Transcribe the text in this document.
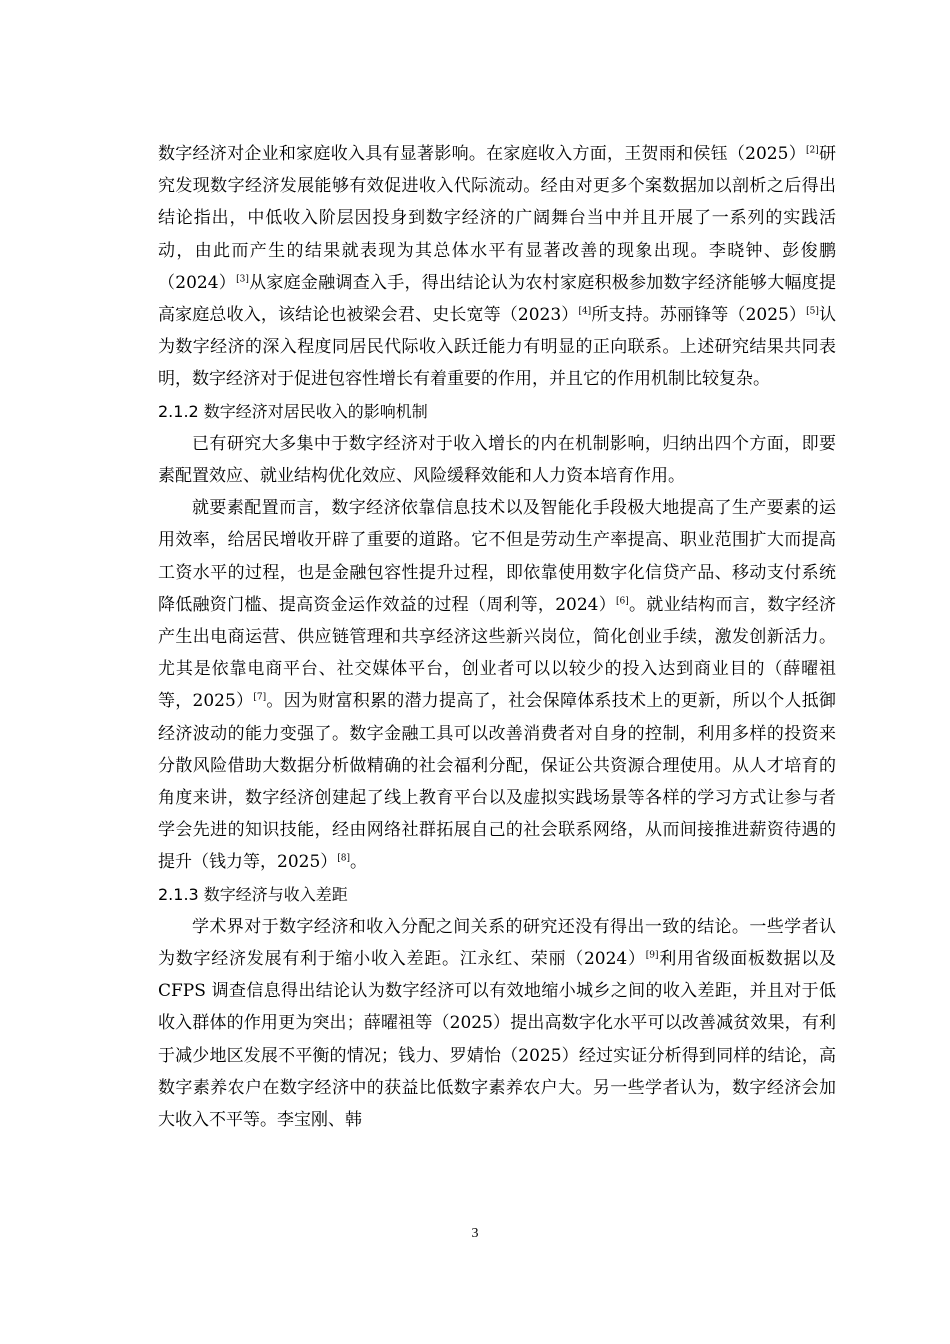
数字经济对企业和家庭收入具有显著影响。在家庭收入方面，王贺雨和侯钰（2025）[2]研究发现数字经济发展能够有效促进收入代际流动。经由对更多个案数据加以剖析之后得出结论指出，中低收入阶层因投身到数字经济的广阔舞台当中并且开展了一系列的实践活动，由此而产生的结果就表现为其总体水平有显著改善的现象出现。李晓钟、彭俊鹏（2024）[3]从家庭金融调查入手，得出结论认为农村家庭积极参加数字经济能够大幅度提高家庭总收入，该结论也被梁会君、史长宽等（2023）[4]所支持。苏丽锋等（2025）[5]认为数字经济的深入程度同居民代际收入跃迁能力有明显的正向联系。上述研究结果共同表明，数字经济对于促进包容性增长有着重要的作用，并且它的作用机制比较复杂。

2.1.2 数字经济对居民收入的影响机制

已有研究大多集中于数字经济对于收入增长的内在机制影响，归纳出四个方面，即要素配置效应、就业结构优化效应、风险缓释效能和人力资本培育作用。

就要素配置而言，数字经济依靠信息技术以及智能化手段极大地提高了生产要素的运用效率，给居民增收开辟了重要的道路。它不但是劳动生产率提高、职业范围扩大而提高工资水平的过程，也是金融包容性提升过程，即依靠使用数字化信贷产品、移动支付系统降低融资门槛、提高资金运作效益的过程（周利等，2024）[6]。就业结构而言，数字经济产生出电商运营、供应链管理和共享经济这些新兴岗位，简化创业手续，激发创新活力。尤其是依靠电商平台、社交媒体平台，创业者可以以较少的投入达到商业目的（薛曜祖等，2025）[7]。因为财富积累的潜力提高了，社会保障体系技术上的更新，所以个人抵御经济波动的能力变强了。数字金融工具可以改善消费者对自身的控制，利用多样的投资来分散风险借助大数据分析做精确的社会福利分配，保证公共资源合理使用。从人才培育的角度来讲，数字经济创建起了线上教育平台以及虚拟实践场景等各样的学习方式让参与者学会先进的知识技能，经由网络社群拓展自己的社会联系网络，从而间接推进薪资待遇的提升（钱力等，2025）[8]。

2.1.3 数字经济与收入差距

学术界对于数字经济和收入分配之间关系的研究还没有得出一致的结论。一些学者认为数字经济发展有利于缩小收入差距。江永红、荣丽（2024）[9]利用省级面板数据以及 CFPS 调查信息得出结论认为数字经济可以有效地缩小城乡之间的收入差距，并且对于低收入群体的作用更为突出；薛曜祖等（2025）提出高数字化水平可以改善减贫效果，有利于减少地区发展不平衡的情况；钱力、罗婧怡（2025）经过实证分析得到同样的结论，高数字素养农户在数字经济中的获益比低数字素养农户大。另一些学者认为，数字经济会加大收入不平等。李宝刚、韩

3
